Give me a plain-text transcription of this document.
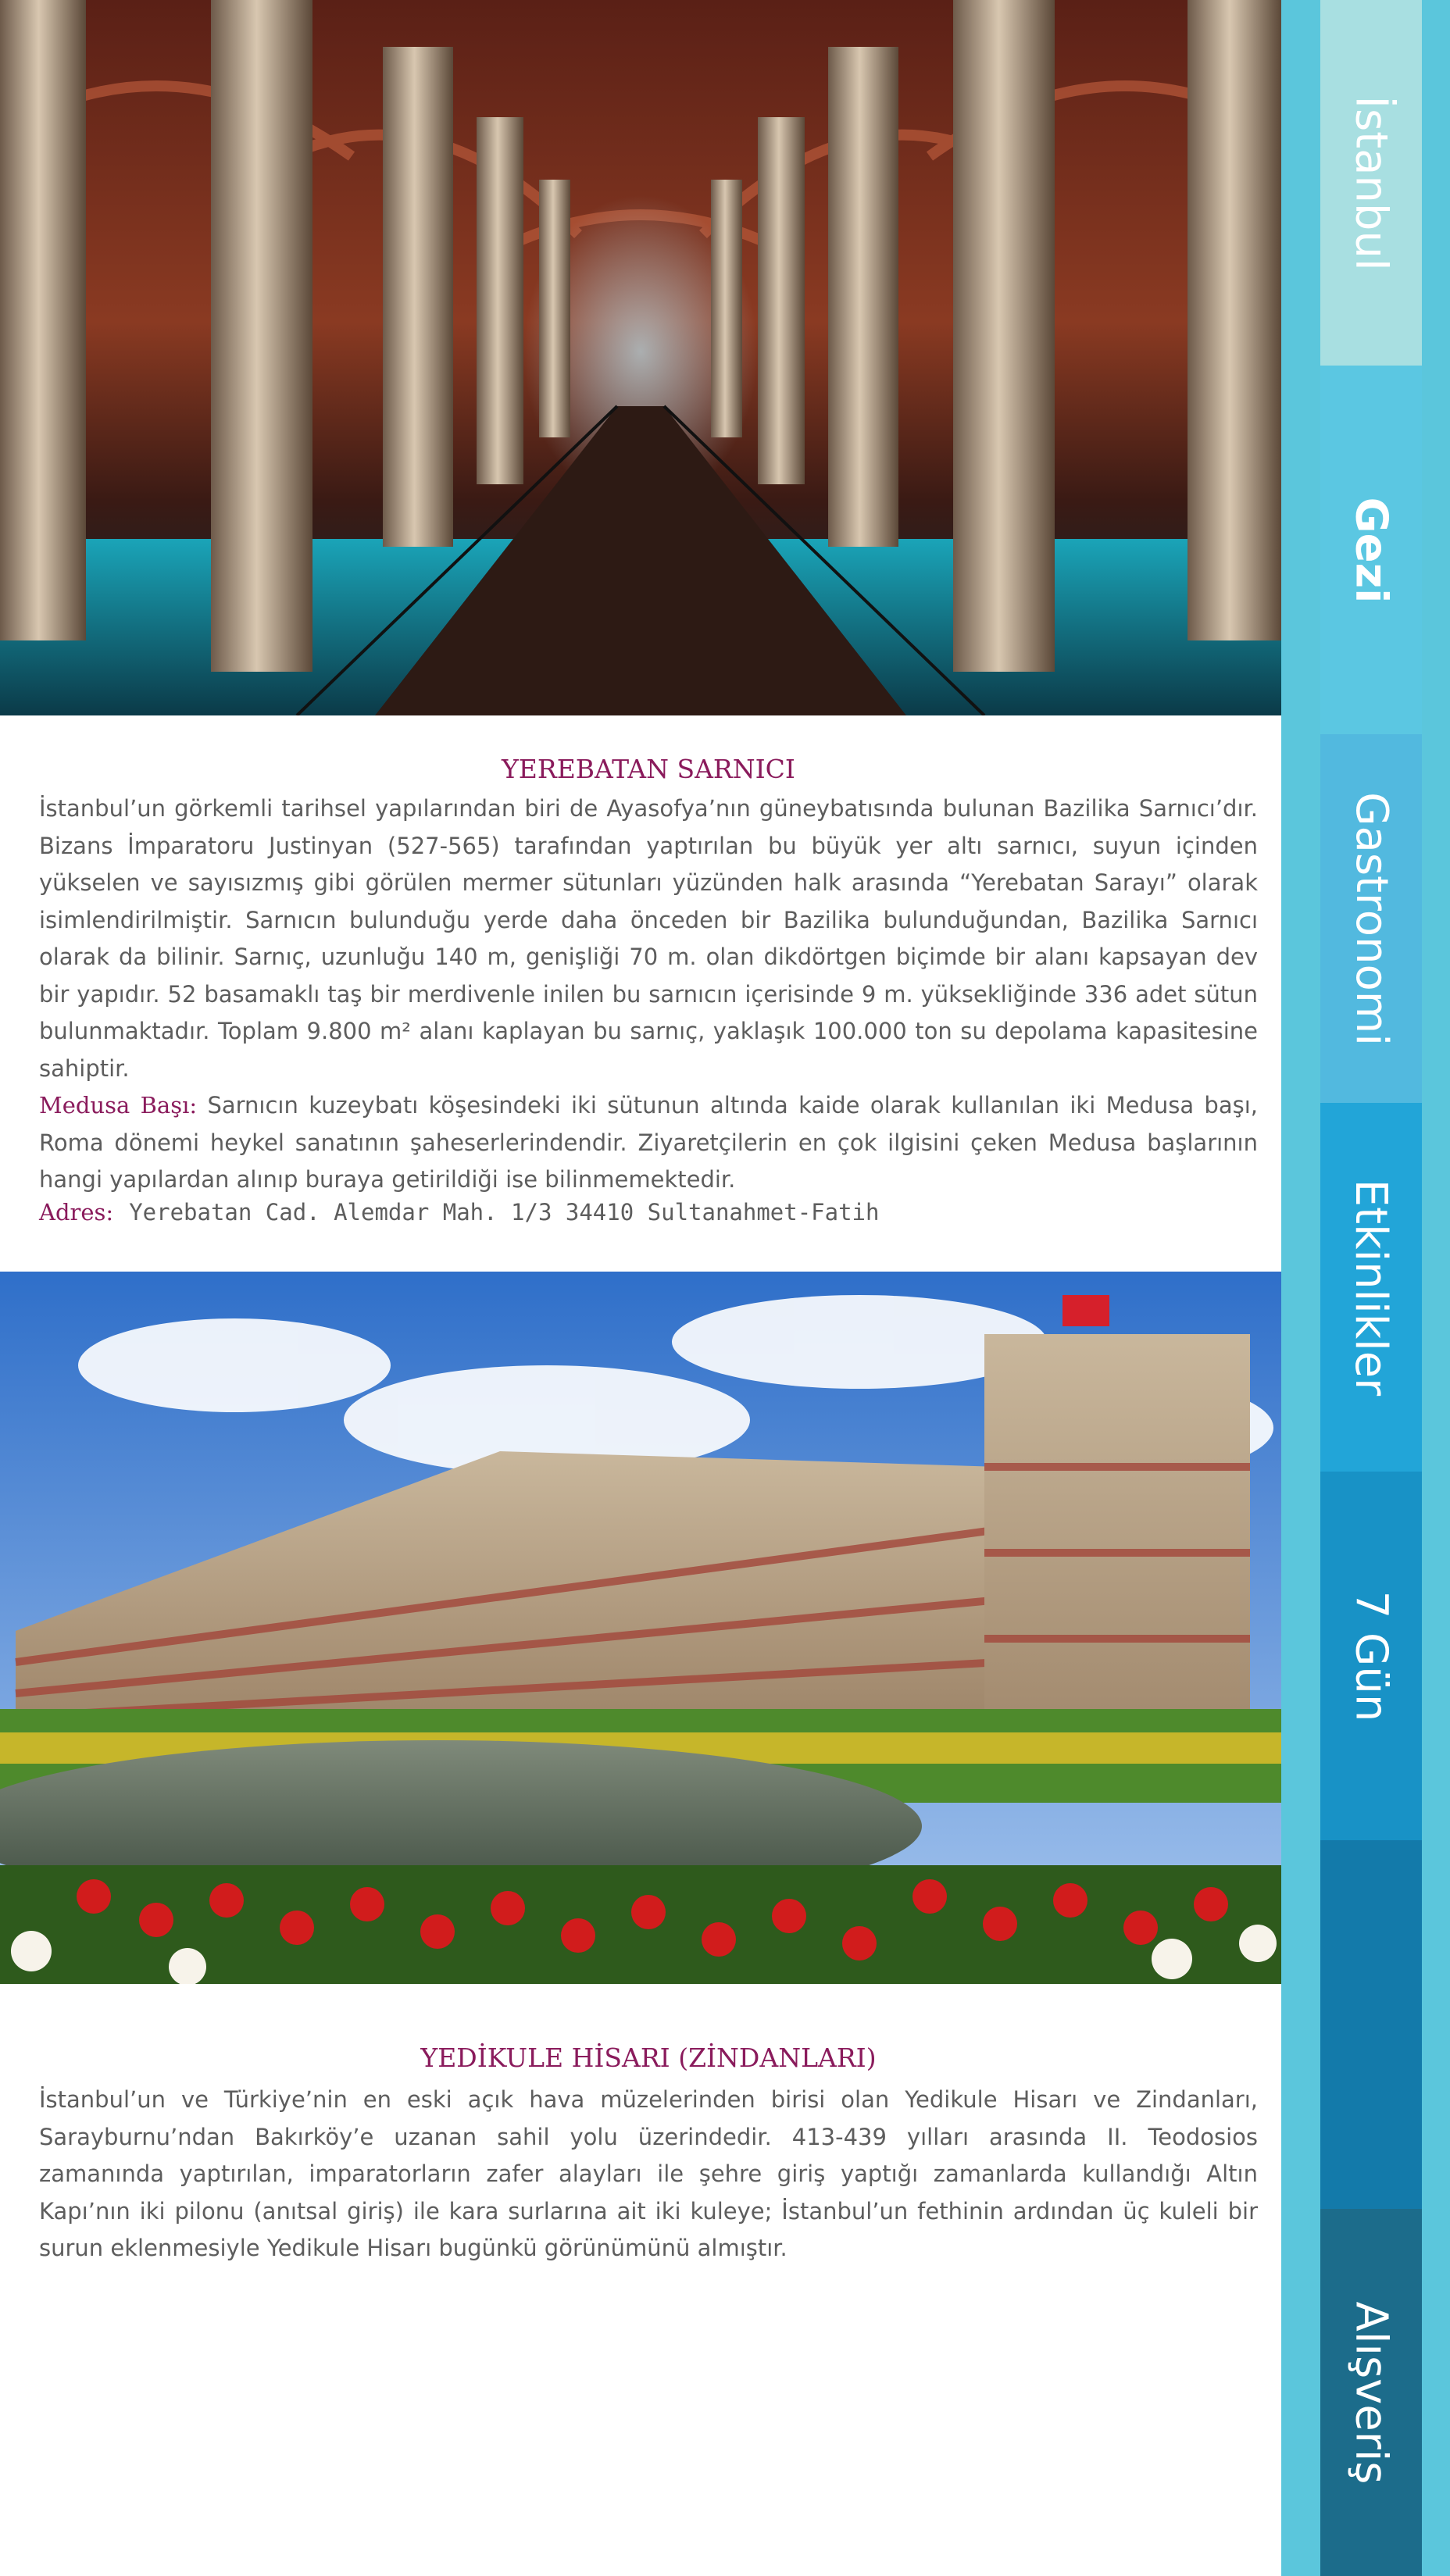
YEREBATAN SARNICI

İstanbul’un görkemli tarihsel yapılarından biri de Ayasofya’nın güneybatısında bulunan Bazilika Sarnıcı’dır. Bizans İmparatoru Justinyan (527-565) tarafından yaptırılan bu büyük yer altı sarnıcı, suyun içinden yükselen ve sayısızmış gibi görülen mermer sütunları yüzünden halk arasında “Yerebatan Sarayı” olarak isimlendirilmiştir. Sarnıcın bulunduğu yerde daha önceden bir Bazilika bulunduğundan, Bazilika Sarnıcı olarak da bilinir. Sarnıç, uzunluğu 140 m, genişliği 70 m. olan dikdörtgen biçimde bir alanı kapsayan dev bir yapıdır. 52 basamaklı taş bir merdivenle inilen bu sarnıcın içerisinde 9 m. yüksekliğinde 336 adet sütun bulunmaktadır. Toplam 9.800 m² alanı kaplayan bu sarnıç, yaklaşık 100.000 ton su depolama kapasitesine sahiptir.

Medusa Başı: Sarnıcın kuzeybatı köşesindeki iki sütunun altında kaide olarak kullanılan iki Medusa başı, Roma dönemi heykel sanatının şaheserlerindendir. Ziyaretçilerin en çok ilgisini çeken Medusa başlarının hangi yapılardan alınıp buraya getirildiği ise bilinmemektedir.

Adres: Yerebatan Cad. Alemdar Mah. 1/3 34410 Sultanahmet-Fatih
YEDİKULE HİSARI (ZİNDANLARI)

İstanbul’un ve Türkiye’nin en eski açık hava müzelerinden birisi olan Yedikule Hisarı ve Zindanları, Sarayburnu’ndan Bakırköy’e uzanan sahil yolu üzerindedir. 413-439 yılları arasında II. Teodosios zamanında yaptırılan, imparatorların zafer alayları ile şehre giriş yaptığı zamanlarda kullandığı Altın Kapı’nın iki pilonu (anıtsal giriş) ile kara surlarına ait iki kuleye; İstanbul’un fethinin ardından üç kuleli bir surun eklenmesiyle Yedikule Hisarı bugünkü görünümünü almıştır.

İstanbul
Gezi
Gastronomi
Etkinlikler
7 Gün
Alışveriş
